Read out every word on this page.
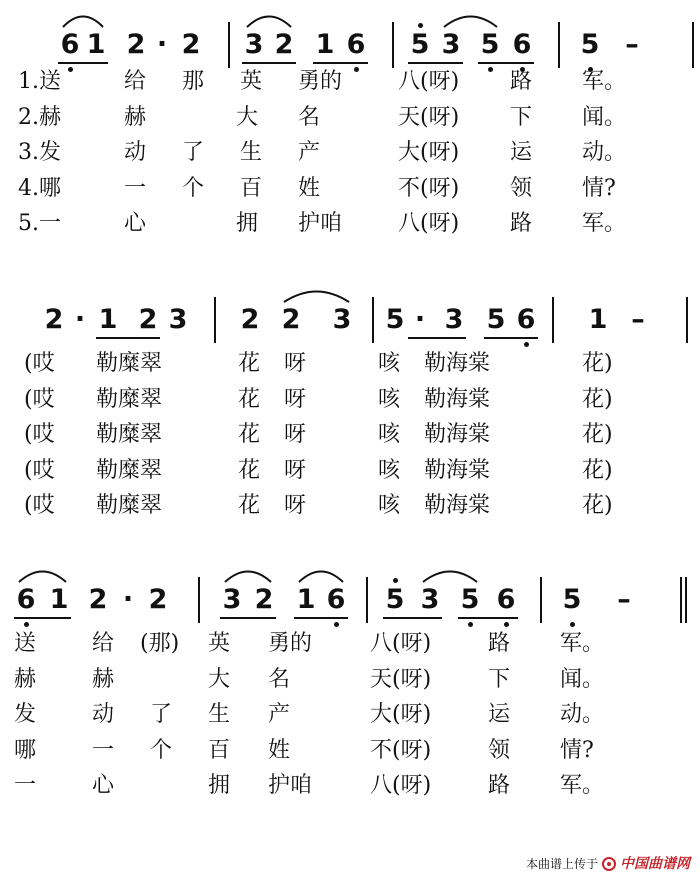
6 1 2 · 2 3 2 1 6 5 3 5 6 5 –
1.送	给 那 英 勇的	八(呀) 路 军。
2.赫	赫	大 名	天(呀) 下 闻。
3.发	动 了 生 产	大(呀) 运 动。
4.哪	一 个 百 姓	不(呀) 领 情?
5.一	心	拥 护咱	八(呀) 路 军。
2 · 1 2 3 2 2 3 5 · 3 5 6 1 –
(哎 勒糜翠	花 呀	咳 勒海棠	花)
(哎 勒糜翠	花 呀	咳 勒海棠	花)
(哎 勒糜翠	花 呀	咳 勒海棠	花)
(哎 勒糜翠	花 呀	咳 勒海棠	花)
(哎 勒糜翠	花 呀	咳 勒海棠	花)
6 1 2 · 2 3 2 1 6 5 3 5 6 5 –
送	给 (那) 英 勇的	八(呀)	路 军。
赫	赫	大 名	天(呀)	下 闻。
发	动 了 生 产	大(呀)	运 动。
哪	一 个 百 姓	不(呀)	领 情?
一	心	拥 护咱	八(呀)	路 军。
本曲谱上传于 中国曲谱网
